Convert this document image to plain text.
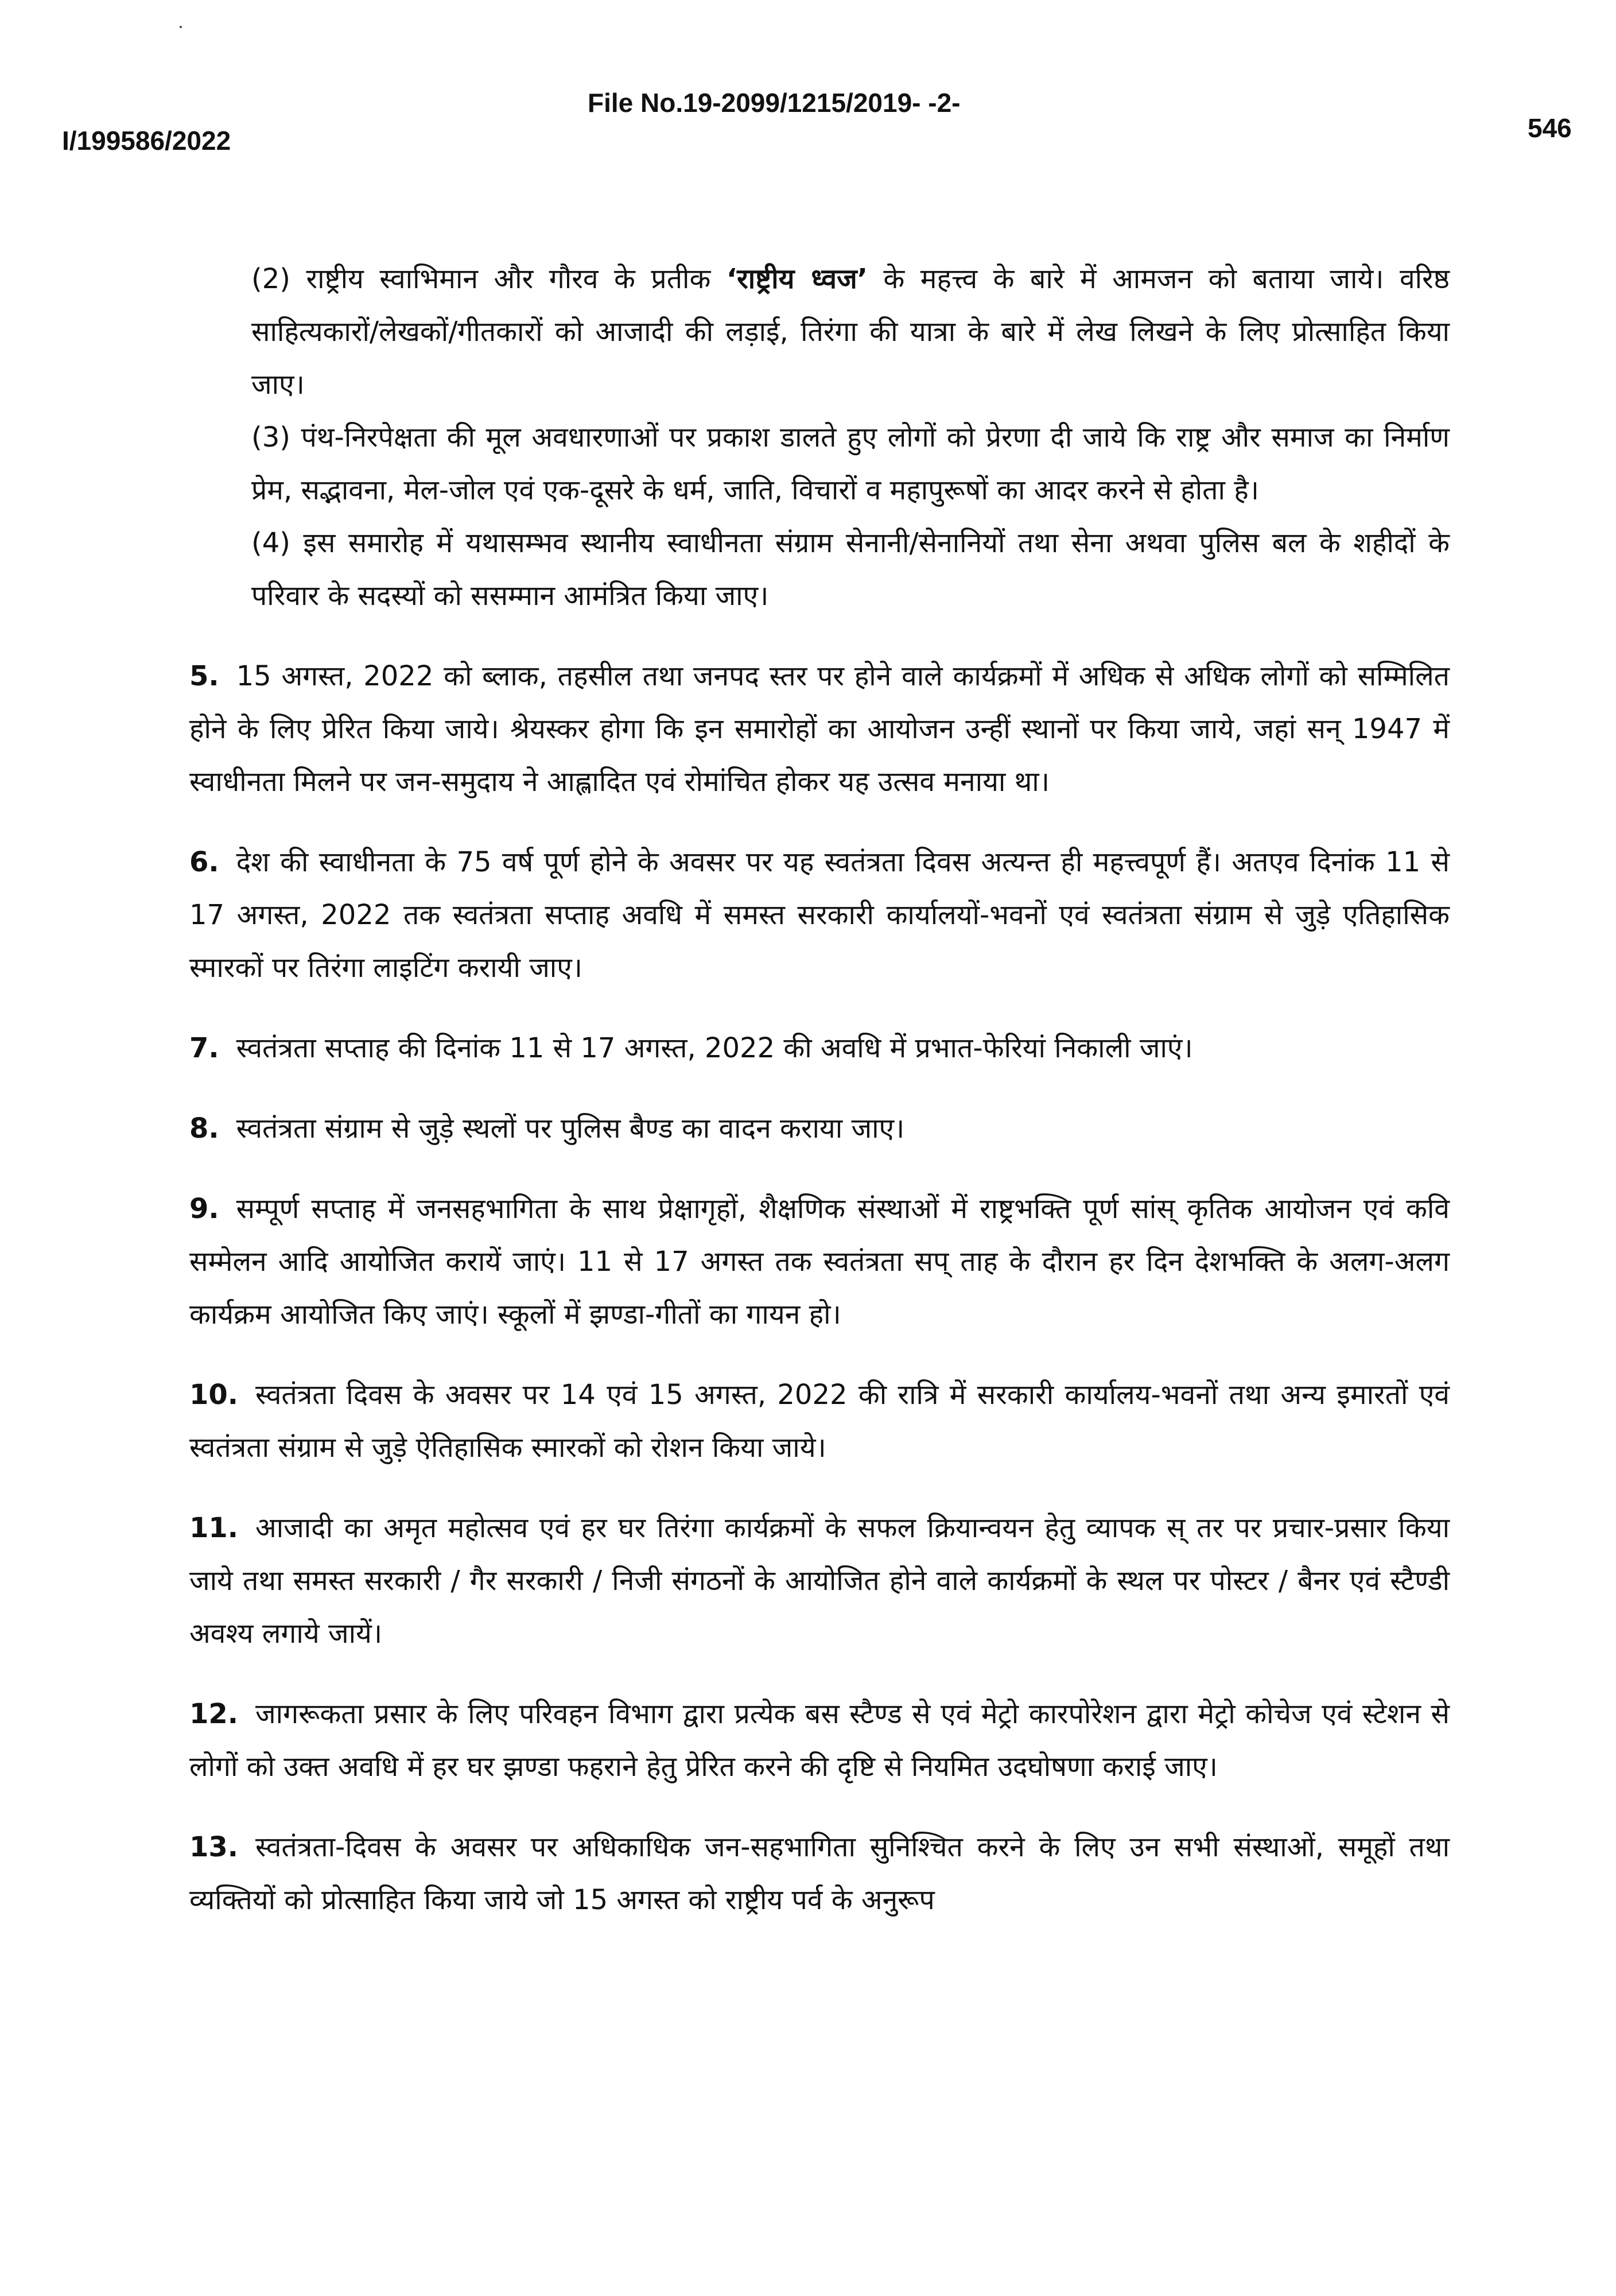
I/199586/2022
File No.19-2099/1215/2019- -2-
546

(2) राष्ट्रीय स्वाभिमान और गौरव के प्रतीक ‘राष्ट्रीय ध्वज’ के महत्त्व के बारे में आमजन को बताया जाये। वरिष्ठ साहित्यकारों/लेखकों/गीतकारों को आजादी की लड़ाई, तिरंगा की यात्रा के बारे में लेख लिखने के लिए प्रोत्साहित किया जाए।

(3) पंथ-निरपेक्षता की मूल अवधारणाओं पर प्रकाश डालते हुए लोगों को प्रेरणा दी जाये कि राष्ट्र और समाज का निर्माण प्रेम, सद्भावना, मेल-जोल एवं एक-दूसरे के धर्म, जाति, विचारों व महापुरूषों का आदर करने से होता है।

(4) इस समारोह में यथासम्भव स्थानीय स्वाधीनता संग्राम सेनानी/सेनानियों तथा सेना अथवा पुलिस बल के शहीदों के परिवार के सदस्यों को ससम्मान आमंत्रित किया जाए।

5. 15 अगस्त, 2022 को ब्लाक, तहसील तथा जनपद स्तर पर होने वाले कार्यक्रमों में अधिक से अधिक लोगों को सम्मिलित होने के लिए प्रेरित किया जाये। श्रेयस्कर होगा कि इन समारोहों का आयोजन उन्हीं स्थानों पर किया जाये, जहां सन् 1947 में स्वाधीनता मिलने पर जन-समुदाय ने आह्लादित एवं रोमांचित होकर यह उत्सव मनाया था।

6. देश की स्वाधीनता के 75 वर्ष पूर्ण होने के अवसर पर यह स्वतंत्रता दिवस अत्यन्त ही महत्त्वपूर्ण हैं। अतएव दिनांक 11 से 17 अगस्त, 2022 तक स्वतंत्रता सप्ताह अवधि में समस्त सरकारी कार्यालयों-भवनों एवं स्वतंत्रता संग्राम से जुड़े एतिहासिक स्मारकों पर तिरंगा लाइटिंग करायी जाए।

7. स्वतंत्रता सप्ताह की दिनांक 11 से 17 अगस्त, 2022 की अवधि में प्रभात-फेरियां निकाली जाएं।

8. स्वतंत्रता संग्राम से जुड़े स्थलों पर पुलिस बैण्ड का वादन कराया जाए।

9. सम्पूर्ण सप्ताह में जनसहभागिता के साथ प्रेक्षागृहों, शैक्षणिक संस्थाओं में राष्ट्रभक्ति पूर्ण सांस् कृतिक आयोजन एवं कवि सम्मेलन आदि आयोजित करायें जाएं। 11 से 17 अगस्त तक स्वतंत्रता सप् ताह के दौरान हर दिन देशभक्ति के अलग-अलग कार्यक्रम आयोजित किए जाएं। स्कूलों में झण्डा-गीतों का गायन हो।

10. स्वतंत्रता दिवस के अवसर पर 14 एवं 15 अगस्त, 2022 की रात्रि में सरकारी कार्यालय-भवनों तथा अन्य इमारतों एवं स्वतंत्रता संग्राम से जुड़े ऐतिहासिक स्मारकों को रोशन किया जाये।

11. आजादी का अमृत महोत्सव एवं हर घर तिरंगा कार्यक्रमों के सफल क्रियान्वयन हेतु व्यापक स् तर पर प्रचार-प्रसार किया जाये तथा समस्त सरकारी / गैर सरकारी / निजी संगठनों के आयोजित होने वाले कार्यक्रमों के स्थल पर पोस्टर / बैनर एवं स्टैण्डी अवश्य लगाये जायें।

12. जागरूकता प्रसार के लिए परिवहन विभाग द्वारा प्रत्येक बस स्टैण्ड से एवं मेट्रो कारपोरेशन द्वारा मेट्रो कोचेज एवं स्टेशन से लोगों को उक्त अवधि में हर घर झण्डा फहराने हेतु प्रेरित करने की दृष्टि से नियमित उदघोषणा कराई जाए।

13. स्वतंत्रता-दिवस के अवसर पर अधिकाधिक जन-सहभागिता सुनिश्चित करने के लिए उन सभी संस्थाओं, समूहों तथा व्यक्तियों को प्रोत्साहित किया जाये जो 15 अगस्त को राष्ट्रीय पर्व के अनुरूप
